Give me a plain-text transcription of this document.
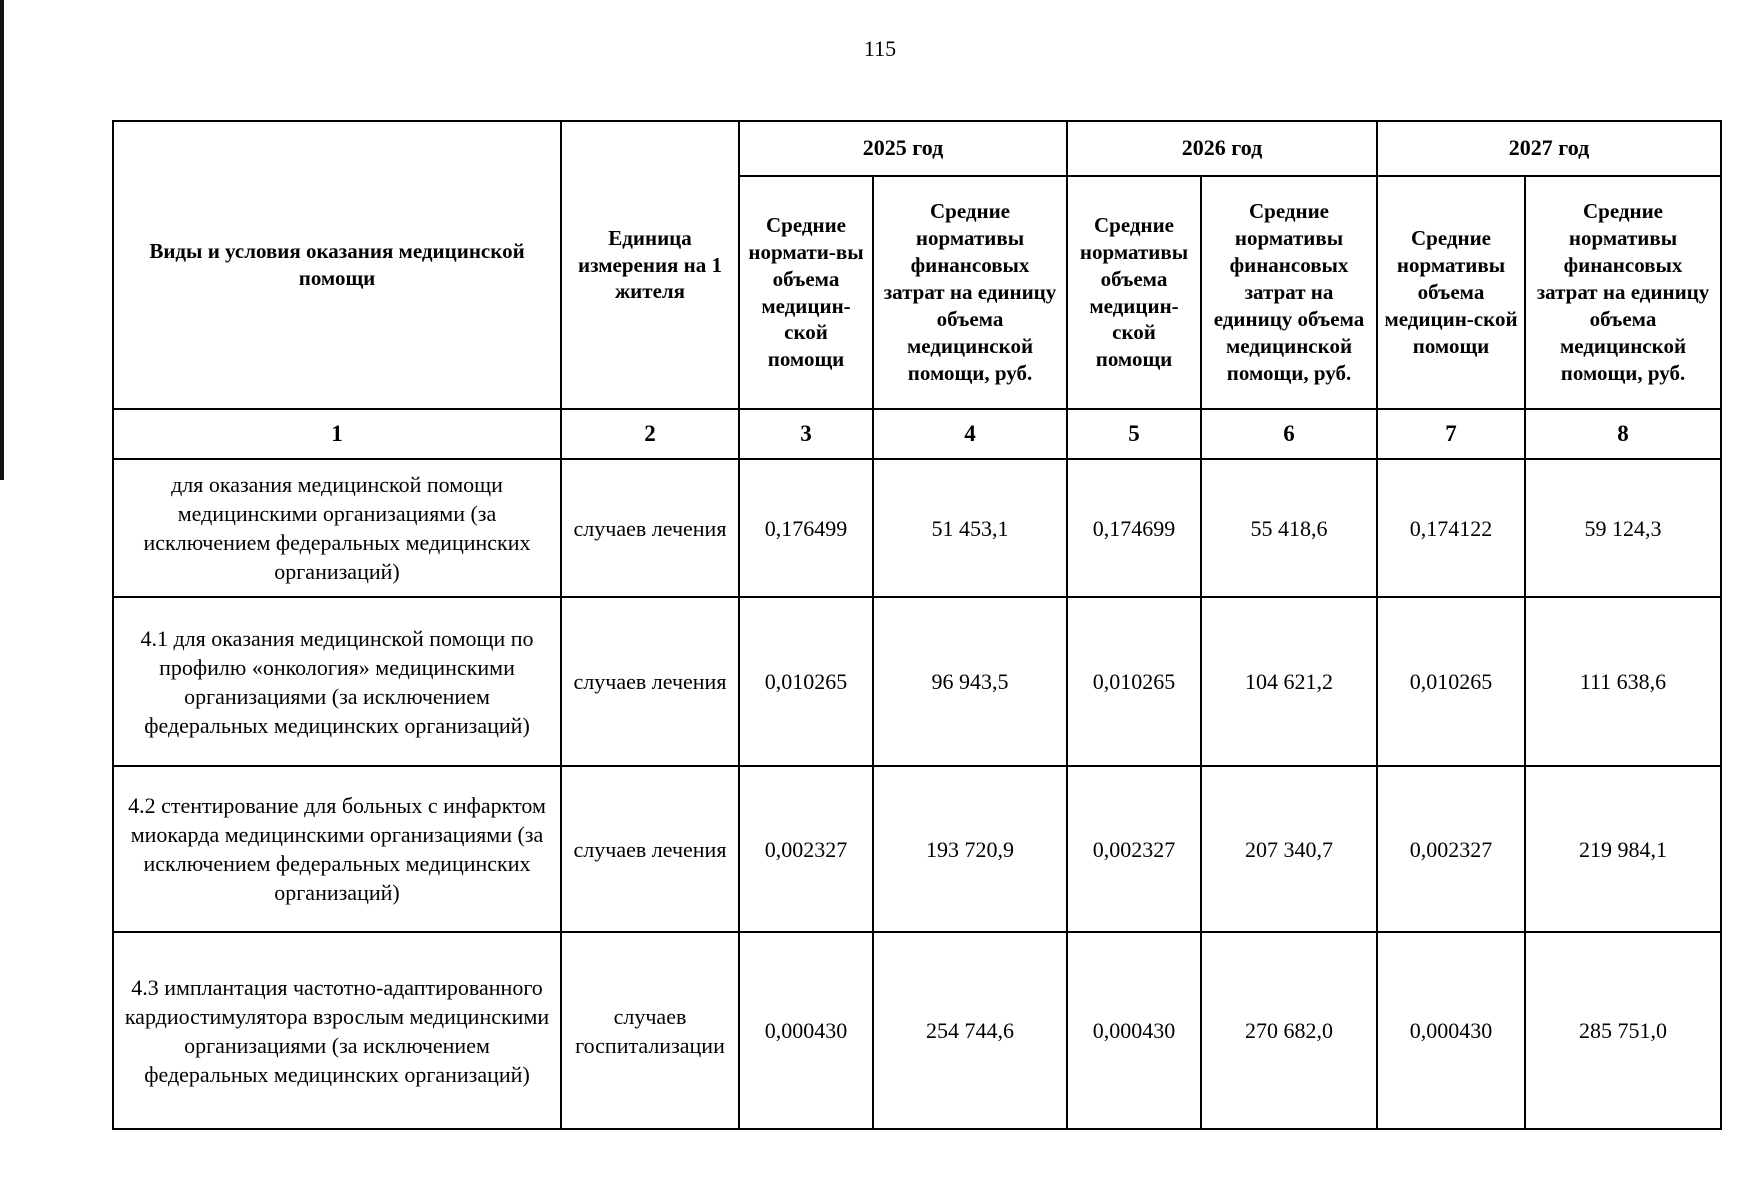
115
Виды и условия оказания медицинской помощи	Единица измерения на 1 жителя	2025 год		2026 год		2027 год	
		Средние нормати-вы объема медицин-ской помощи	Средние нормативы финансовых затрат на единицу объема медицинской помощи, руб.	Средние нормативы объема медицин-ской помощи	Средние нормативы финансовых затрат на единицу объема медицинской помощи, руб.	Средние нормативы объема медицин-ской помощи	Средние нормативы финансовых затрат на единицу объема медицинской помощи, руб.
1	2	3	4	5	6	7	8
для оказания медицинской помощи медицинскими организациями (за исключением федеральных медицинских организаций)	случаев лечения	0,176499	51 453,1	0,174699	55 418,6	0,174122	59 124,3
4.1 для оказания медицинской помощи по профилю «онкология» медицинскими организациями (за исключением федеральных медицинских организаций)	случаев лечения	0,010265	96 943,5	0,010265	104 621,2	0,010265	111 638,6
4.2 стентирование для больных с инфарктом миокарда медицинскими организациями (за исключением федеральных медицинских организаций)	случаев лечения	0,002327	193 720,9	0,002327	207 340,7	0,002327	219 984,1
4.3 имплантация частотно-адаптированного кардиостимулятора взрослым медицинскими организациями (за исключением федеральных медицинских организаций)	случаев госпитализации	0,000430	254 744,6	0,000430	270 682,0	0,000430	285 751,0
